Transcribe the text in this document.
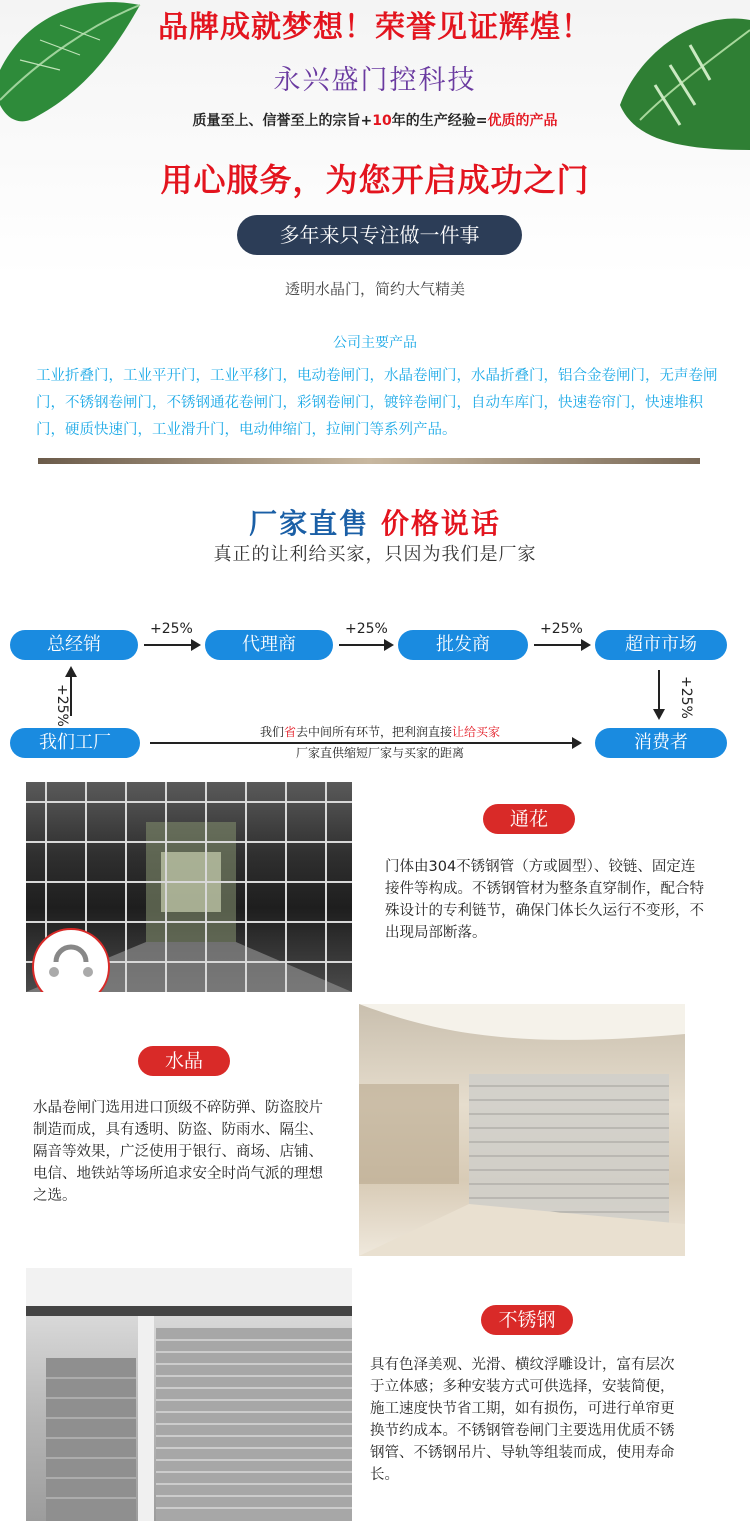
品牌成就梦想！荣誉见证辉煌！
永兴盛门控科技
质量至上、信誉至上的宗旨+10年的生产经验=优质的产品
用心服务，为您开启成功之门
多年来只专注做一件事
透明水晶门，简约大气精美
公司主要产品
工业折叠门，工业平开门，工业平移门，电动卷闸门，水晶卷闸门，水晶折叠门，铝合金卷闸门，无声卷闸门，不锈钢卷闸门，不锈钢通花卷闸门，彩钢卷闸门，镀锌卷闸门，自动车库门，快速卷帘门，快速堆积门，硬质快速门，工业滑升门，电动伸缩门，拉闸门等系列产品。
厂家直售 价格说话
真正的让利给买家，只因为我们是厂家
总经销	代理商	批发商	超市市场
我们工厂	消费者
+25%	+25%	+25%
+25%	+25%
我们省去中间所有环节，把利润直接让给买家
厂家直供缩短厂家与买家的距离
通花
门体由304不锈钢管（方或圆型）、铰链、固定连接件等构成。不锈钢管材为整条直穿制作，配合特殊设计的专利链节，确保门体长久运行不变形，不出现局部断落。
水晶
水晶卷闸门选用进口顶级不碎防弹、防盗胶片制造而成，具有透明、防盗、防雨水、隔尘、隔音等效果，广泛使用于银行、商场、店铺、电信、地铁站等场所追求安全时尚气派的理想之选。
不锈钢
具有色泽美观、光滑、横纹浮雕设计，富有层次于立体感；多种安装方式可供选择，安装简便，施工速度快节省工期，如有损伤，可进行单帘更换节约成本。不锈钢管卷闸门主要选用优质不锈钢管、不锈钢吊片、导轨等组装而成，使用寿命长。
